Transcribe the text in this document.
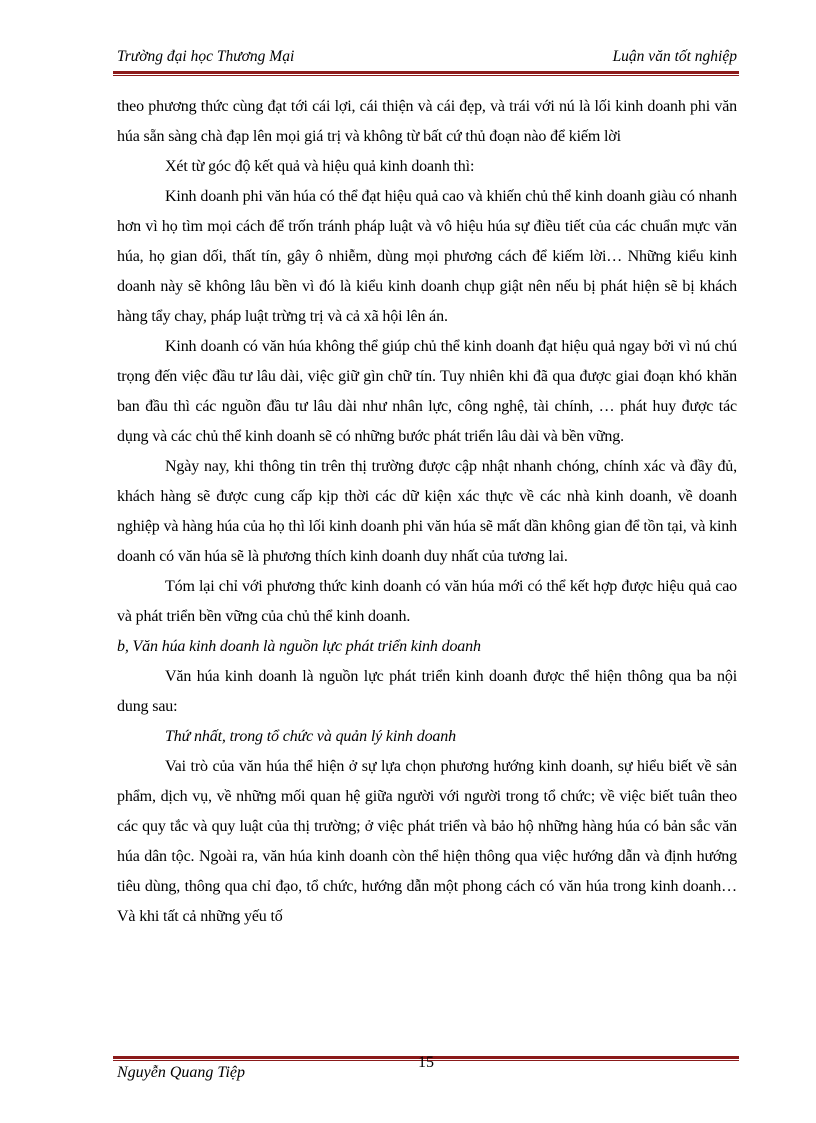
Trường đại học Thương Mại	Luận văn tốt nghiệp

theo phương thức cùng đạt tới cái lợi, cái thiện và cái đẹp, và trái với nú là lối kinh doanh phi văn húa sẵn sàng chà đạp lên mọi giá trị và không từ bất cứ thủ đoạn nào để kiếm lời

Xét từ góc độ kết quả và hiệu quả kinh doanh thì:

Kinh doanh phi văn húa có thể đạt hiệu quả cao và khiến chủ thể kinh doanh giàu có nhanh hơn vì họ tìm mọi cách để trốn tránh pháp luật và vô hiệu húa sự điều tiết của các chuẩn mực văn húa, họ gian dối, thất tín, gây ô nhiễm, dùng mọi phương cách để kiếm lời… Những kiểu kinh doanh này sẽ không lâu bền vì đó là kiểu kinh doanh chụp giật nên nếu bị phát hiện sẽ bị khách hàng tẩy chay, pháp luật trừng trị và cả xã hội lên án.

Kinh doanh có văn húa không thể giúp chủ thể kinh doanh đạt hiệu quả ngay bởi vì nú chú trọng đến việc đầu tư lâu dài, việc giữ gìn chữ tín. Tuy nhiên khi đã qua được giai đoạn khó khăn ban đầu thì các nguồn đầu tư lâu dài như nhân lực, công nghệ, tài chính, … phát huy được tác dụng và các chủ thể kinh doanh sẽ có những bước phát triển lâu dài và bền vững.

Ngày nay, khi thông tin trên thị trường được cập nhật nhanh chóng, chính xác và đầy đủ, khách hàng sẽ được cung cấp kịp thời các dữ kiện xác thực về các nhà kinh doanh, về doanh nghiệp và hàng húa của họ thì lối kinh doanh phi văn húa sẽ mất dần không gian để tồn tại, và kinh doanh có văn húa sẽ là phương thích kinh doanh duy nhất của tương lai.

Tóm lại chỉ với phương thức kinh doanh có văn húa mới có thể kết hợp được hiệu quả cao và phát triển bền vững của chủ thể kinh doanh.

b, Văn húa kinh doanh là nguồn lực phát triển kinh doanh

Văn húa kinh doanh là nguồn lực phát triển kinh doanh được thể hiện thông qua ba nội dung sau:

Thứ nhất, trong tổ chức và quản lý kinh doanh

Vai trò của văn húa thể hiện ở sự lựa chọn phương hướng kinh doanh, sự hiểu biết về sản phẩm, dịch vụ, về những mối quan hệ giữa người với người trong tổ chức; về việc biết tuân theo các quy tắc và quy luật của thị trường; ở việc phát triển và bảo hộ những hàng húa có bản sắc văn húa dân tộc. Ngoài ra, văn húa kinh doanh còn thể hiện thông qua việc hướng dẫn và định hướng tiêu dùng, thông qua chỉ đạo, tổ chức, hướng dẫn một phong cách có văn húa trong kinh doanh… Và khi tất cả những yếu tố

15
Nguyễn Quang Tiệp
